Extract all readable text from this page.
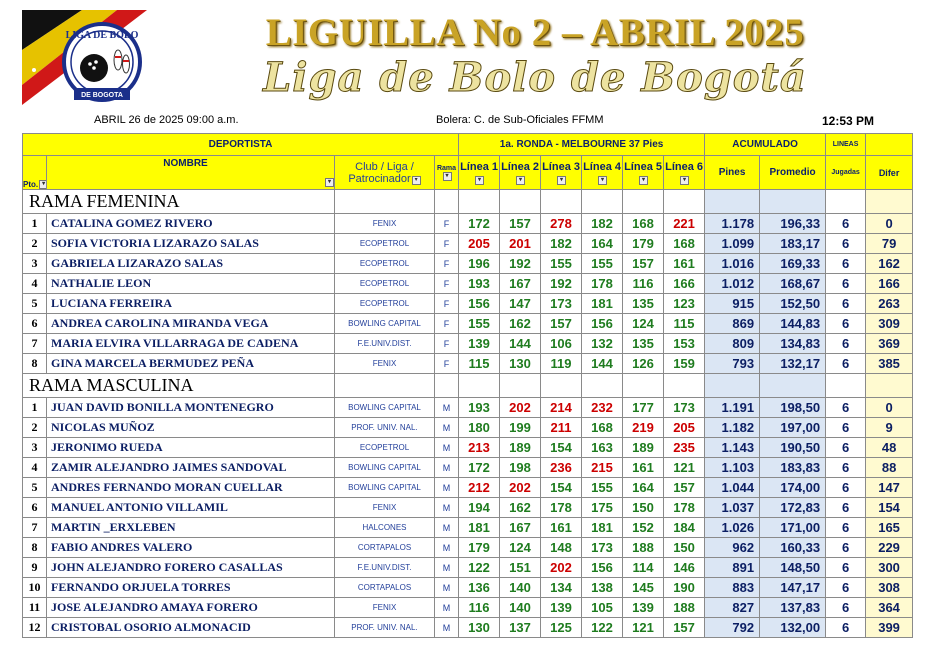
LIGA DE BOLO
DE BOGOTA
LIGUILLA No 2 – ABRIL 2025
Liga de Bolo de Bogotá
ABRIL 26 de 2025 09:00 a.m.	Bolera: C. de Sub-Oficiales FFMM	12:53 PM
DEPORTISTA				1a. RONDA - MELBOURNE 37 Pies						ACUMULADO		LINEAS	
Pto. ▾	NOMBRE
▾	Club / Liga / Patrocinador ▾	Rama
▾	Línea 1▾	Línea 2▾	Línea 3▾	Línea 4▾	Línea 5▾	Línea 6▾	Pines	Promedio	Jugadas	Difer
RAMA FEMENINA													
1	CATALINA GOMEZ RIVERO	FENIX	F	172	157	278	182	168	221	1.178	196,33	6	0
2	SOFIA VICTORIA LIZARAZO SALAS	ECOPETROL	F	205	201	182	164	179	168	1.099	183,17	6	79
3	GABRIELA LIZARAZO SALAS	ECOPETROL	F	196	192	155	155	157	161	1.016	169,33	6	162
4	NATHALIE LEON	ECOPETROL	F	193	167	192	178	116	166	1.012	168,67	6	166
5	LUCIANA FERREIRA	ECOPETROL	F	156	147	173	181	135	123	915	152,50	6	263
6	ANDREA CAROLINA MIRANDA VEGA	BOWLING CAPITAL	F	155	162	157	156	124	115	869	144,83	6	309
7	MARIA ELVIRA VILLARRAGA DE CADENA	F.E.UNIV.DIST.	F	139	144	106	132	135	153	809	134,83	6	369
8	GINA MARCELA BERMUDEZ PEÑA	FENIX	F	115	130	119	144	126	159	793	132,17	6	385
RAMA MASCULINA													
1	JUAN DAVID BONILLA MONTENEGRO	BOWLING CAPITAL	M	193	202	214	232	177	173	1.191	198,50	6	0
2	NICOLAS MUÑOZ	PROF. UNIV. NAL.	M	180	199	211	168	219	205	1.182	197,00	6	9
3	JERONIMO RUEDA	ECOPETROL	M	213	189	154	163	189	235	1.143	190,50	6	48
4	ZAMIR ALEJANDRO JAIMES SANDOVAL	BOWLING CAPITAL	M	172	198	236	215	161	121	1.103	183,83	6	88
5	ANDRES FERNANDO MORAN CUELLAR	BOWLING CAPITAL	M	212	202	154	155	164	157	1.044	174,00	6	147
6	MANUEL ANTONIO VILLAMIL	FENIX	M	194	162	178	175	150	178	1.037	172,83	6	154
7	MARTIN _ERXLEBEN	HALCONES	M	181	167	161	181	152	184	1.026	171,00	6	165
8	FABIO ANDRES VALERO	CORTAPALOS	M	179	124	148	173	188	150	962	160,33	6	229
9	JOHN ALEJANDRO FORERO CASALLAS	F.E.UNIV.DIST.	M	122	151	202	156	114	146	891	148,50	6	300
10	FERNANDO ORJUELA TORRES	CORTAPALOS	M	136	140	134	138	145	190	883	147,17	6	308
11	JOSE ALEJANDRO AMAYA FORERO	FENIX	M	116	140	139	105	139	188	827	137,83	6	364
12	CRISTOBAL OSORIO ALMONACID	PROF. UNIV. NAL.	M	130	137	125	122	121	157	792	132,00	6	399
